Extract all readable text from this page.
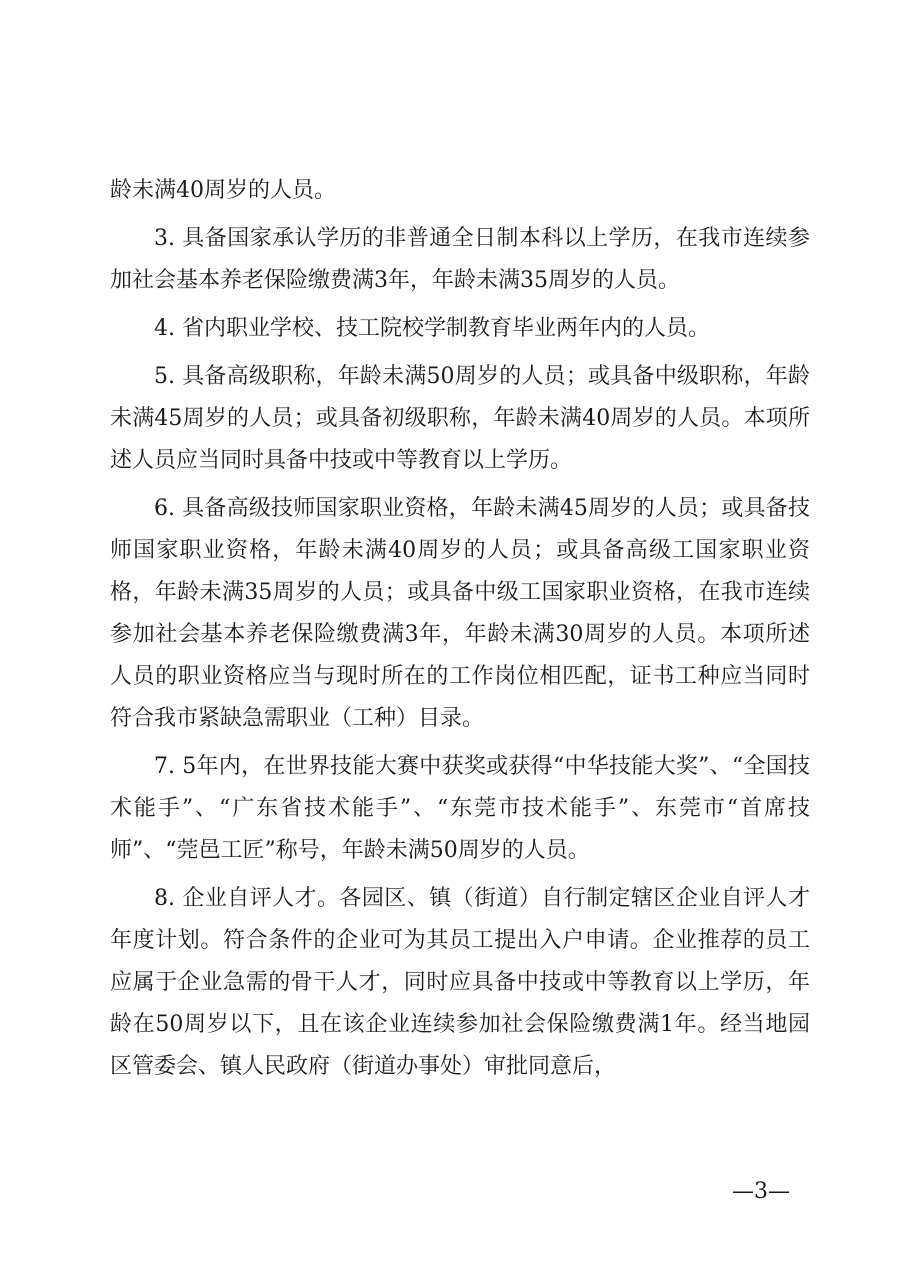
龄未满40周岁的人员。

3. 具备国家承认学历的非普通全日制本科以上学历，在我市连续参加社会基本养老保险缴费满3年，年龄未满35周岁的人员。

4. 省内职业学校、技工院校学制教育毕业两年内的人员。

5. 具备高级职称，年龄未满50周岁的人员；或具备中级职称，年龄未满45周岁的人员；或具备初级职称，年龄未满40周岁的人员。本项所述人员应当同时具备中技或中等教育以上学历。

6. 具备高级技师国家职业资格，年龄未满45周岁的人员；或具备技师国家职业资格，年龄未满40周岁的人员；或具备高级工国家职业资格，年龄未满35周岁的人员；或具备中级工国家职业资格，在我市连续参加社会基本养老保险缴费满3年，年龄未满30周岁的人员。本项所述人员的职业资格应当与现时所在的工作岗位相匹配，证书工种应当同时符合我市紧缺急需职业（工种）目录。

7. 5年内，在世界技能大赛中获奖或获得“中华技能大奖”、“全国技术能手”、“广东省技术能手”、“东莞市技术能手”、东莞市“首席技师”、“莞邑工匠”称号，年龄未满50周岁的人员。

8. 企业自评人才。各园区、镇（街道）自行制定辖区企业自评人才年度计划。符合条件的企业可为其员工提出入户申请。企业推荐的员工应属于企业急需的骨干人才，同时应具备中技或中等教育以上学历，年龄在50周岁以下，且在该企业连续参加社会保险缴费满1年。经当地园区管委会、镇人民政府（街道办事处）审批同意后，

—3—
